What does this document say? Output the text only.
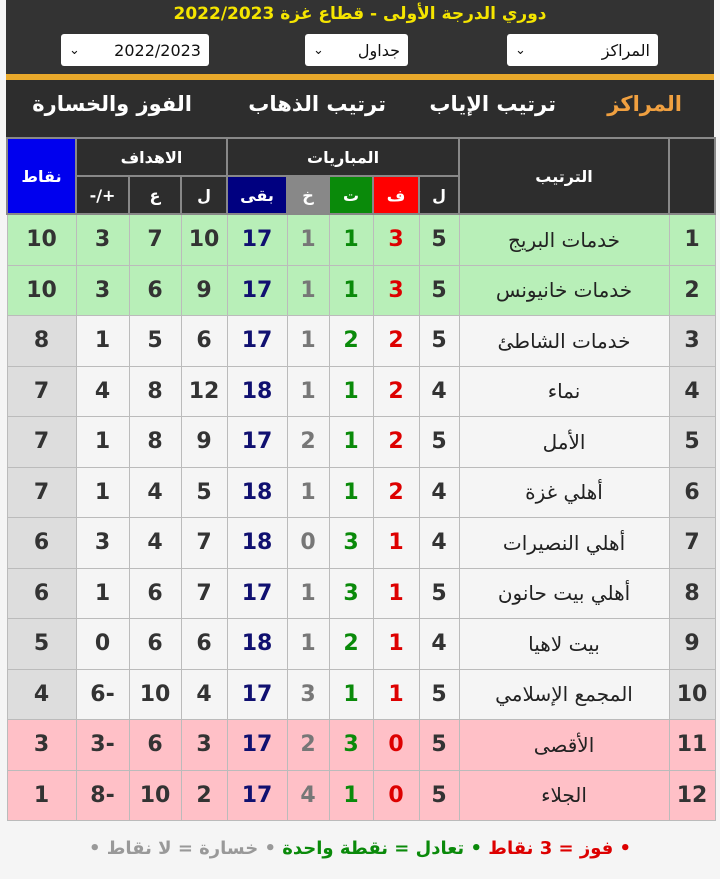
دوري الدرجة الأولى - قطاع غزة 2022/2023
⌄ 2022/2023	⌄ جداول	⌄	المراكز
المراكز
ترتيب الإياب
ترتيب الذهاب
الفوز والخسارة
	الترتيب	المباريات					الاهداف			نقاط
		ل	ف	ت	خ	بقى	ل	ع	+/-	
1	خدمات البريج	5	3	1	1	17	10	7	3	10
2	خدمات خانيونس	5	3	1	1	17	9	6	3	10
3	خدمات الشاطئ	5	2	2	1	17	6	5	1	8
4	نماء	4	2	1	1	18	12	8	4	7
5	الأمل	5	2	1	2	17	9	8	1	7
6	أهلي غزة	4	2	1	1	18	5	4	1	7
7	أهلي النصيرات	4	1	3	0	18	7	4	3	6
8	أهلي بيت حانون	5	1	3	1	17	7	6	1	6
9	بيت لاهيا	4	1	2	1	18	6	6	0	5
10	المجمع الإسلامي	5	1	1	3	17	4	10	-6	4
11	الأقصى	5	0	3	2	17	3	6	-3	3
12	الجلاء	5	0	1	4	17	2	10	-8	1
• فوز = 3 نقاط • تعادل = نقطة واحدة • خسارة = لا نقاط •
